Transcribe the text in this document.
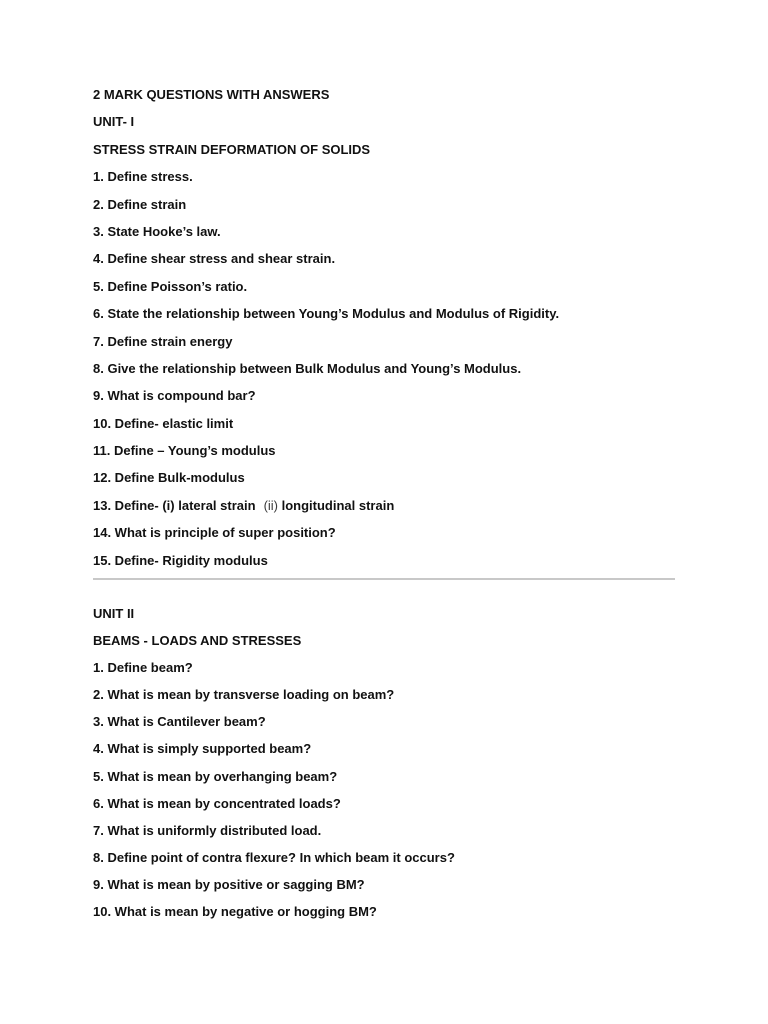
2 MARK QUESTIONS WITH ANSWERS
UNIT- I
STRESS STRAIN DEFORMATION OF SOLIDS
1. Define stress.
2. Define strain
3. State Hooke’s law.
4. Define shear stress and shear strain.
5. Define Poisson’s ratio.
6. State the relationship between Young’s Modulus and Modulus of Rigidity.
7. Define strain energy
8. Give the relationship between Bulk Modulus and Young’s Modulus.
9. What is compound bar?
10. Define- elastic limit
11. Define – Young’s modulus
12. Define Bulk-modulus
13. Define- (i) lateral strain (ii) longitudinal strain
14. What is principle of super position?
15. Define- Rigidity modulus
UNIT II
BEAMS - LOADS AND STRESSES
1. Define beam?
2. What is mean by transverse loading on beam?
3. What is Cantilever beam?
4. What is simply supported beam?
5. What is mean by overhanging beam?
6. What is mean by concentrated loads?
7. What is uniformly distributed load.
8. Define point of contra flexure? In which beam it occurs?
9. What is mean by positive or sagging BM?
10. What is mean by negative or hogging BM?
